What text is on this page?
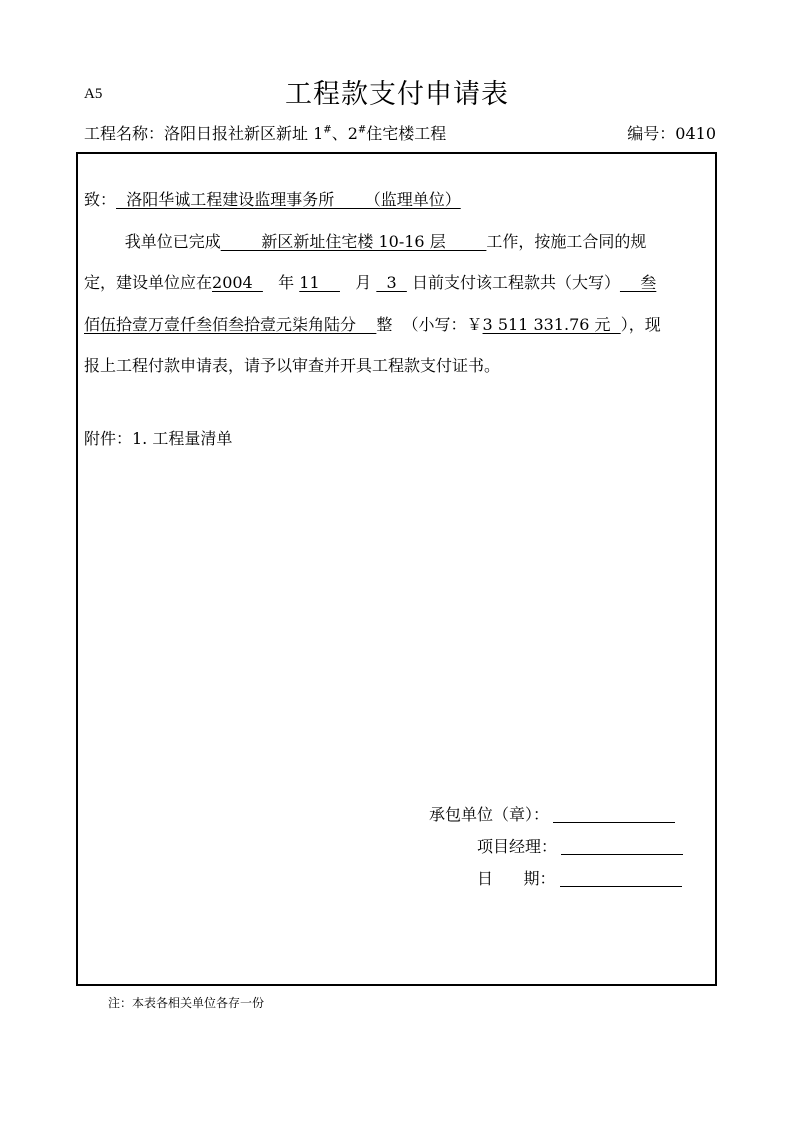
A5	工程款支付申请表
工程名称：洛阳日报社新区新址 1#、2#住宅楼工程	编号：0410
致：  洛阳华诚工程建设监理事务所      （监理单位）
我单位已完成        新区新址住宅楼 10-16 层        工作，按施工合同的规
定，建设单位应在2004     年 11       月   3   日前支付该工程款共（大写）    叁
佰伍拾壹万壹仟叁佰叁拾壹元柒角陆分    整  （小写：￥3 511 331.76 元  ），现
报上工程付款申请表，请予以审查并开具工程款支付证书。
附件：1. 工程量清单
承包单位（章）：
项目经理：
日      期：
注：本表各相关单位各存一份
